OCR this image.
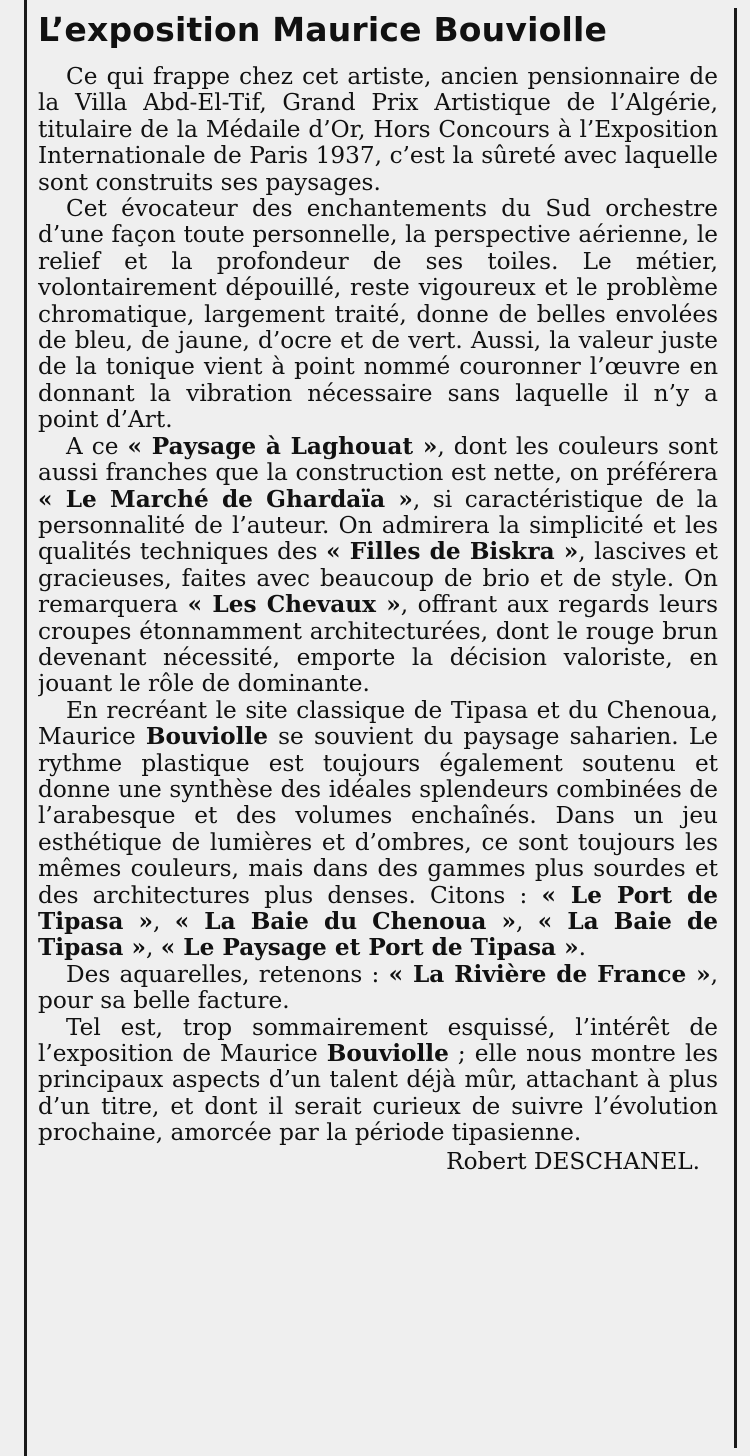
L’exposition Maurice Bouviolle

Ce qui frappe chez cet artiste, ancien pensionnaire de la Villa Abd-El-Tif, Grand Prix Artistique de l’Algérie, titulaire de la Médaile d’Or, Hors Concours à l’Exposition Internationale de Paris 1937, c’est la sûreté avec laquelle sont construits ses paysages.

Cet évocateur des enchantements du Sud orchestre d’une façon toute personnelle, la perspective aérienne, le relief et la profondeur de ses toiles. Le métier, volontairement dépouillé, reste vigoureux et le problème chromatique, largement traité, donne de belles envolées de bleu, de jaune, d’ocre et de vert. Aussi, la valeur juste de la tonique vient à point nommé couronner l’œuvre en donnant la vibration nécessaire sans laquelle il n’y a point d’Art.

A ce « Paysage à Laghouat », dont les couleurs sont aussi franches que la construction est nette, on préférera « Le Marché de Ghardaïa », si caractéristique de la personnalité de l’auteur. On admirera la simplicité et les qualités techniques des « Filles de Biskra », lascives et gracieuses, faites avec beaucoup de brio et de style. On remarquera « Les Chevaux », offrant aux regards leurs croupes étonnamment architecturées, dont le rouge brun devenant nécessité, emporte la décision valoriste, en jouant le rôle de dominante.

En recréant le site classique de Tipasa et du Chenoua, Maurice Bouviolle se souvient du paysage saharien. Le rythme plastique est toujours également soutenu et donne une synthèse des idéales splendeurs combinées de l’arabesque et des volumes enchaînés. Dans un jeu esthétique de lumières et d’ombres, ce sont toujours les mêmes couleurs, mais dans des gammes plus sourdes et des architectures plus denses. Citons : « Le Port de Tipasa », « La Baie du Chenoua », « La Baie de Tipasa », « Le Paysage et Port de Tipasa ».

Des aquarelles, retenons : « La Rivière de France », pour sa belle facture.

Tel est, trop sommairement esquissé, l’intérêt de l’exposition de Maurice Bouviolle ; elle nous montre les principaux aspects d’un talent déjà mûr, attachant à plus d’un titre, et dont il serait curieux de suivre l’évolution prochaine, amorcée par la période tipasienne.

Robert DESCHANEL.
